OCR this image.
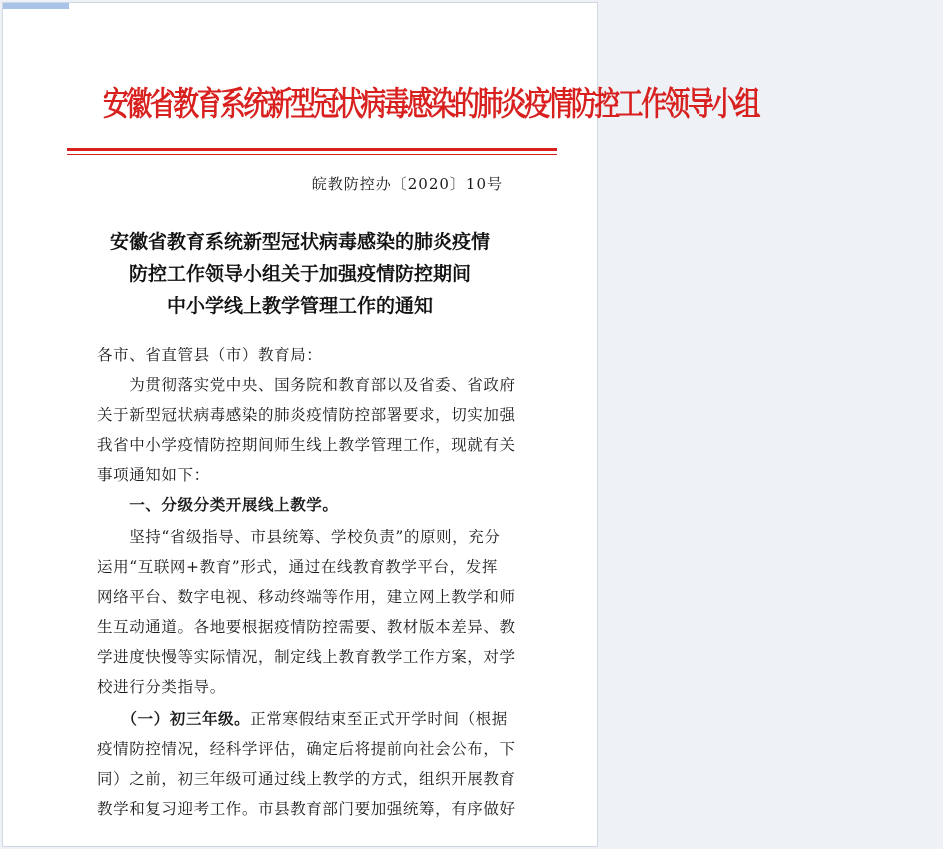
安徽省教育系统新型冠状病毒感染的肺炎疫情防控工作领导小组
皖教防控办〔2020〕10号
安徽省教育系统新型冠状病毒感染的肺炎疫情
防控工作领导小组关于加强疫情防控期间
中小学线上教学管理工作的通知
各市、省直管县（市）教育局：
　　为贯彻落实党中央、国务院和教育部以及省委、省政府
关于新型冠状病毒感染的肺炎疫情防控部署要求，切实加强
我省中小学疫情防控期间师生线上教学管理工作，现就有关
事项通知如下：
　　一、分级分类开展线上教学。
　　坚持“省级指导、市县统筹、学校负责”的原则，充分
运用“互联网+教育”形式，通过在线教育教学平台，发挥
网络平台、数字电视、移动终端等作用，建立网上教学和师
生互动通道。各地要根据疫情防控需要、教材版本差异、教
学进度快慢等实际情况，制定线上教育教学工作方案，对学
校进行分类指导。
　　（一）初三年级。正常寒假结束至正式开学时间（根据
疫情防控情况，经科学评估，确定后将提前向社会公布，下
同）之前，初三年级可通过线上教学的方式，组织开展教育
教学和复习迎考工作。市县教育部门要加强统筹，有序做好
